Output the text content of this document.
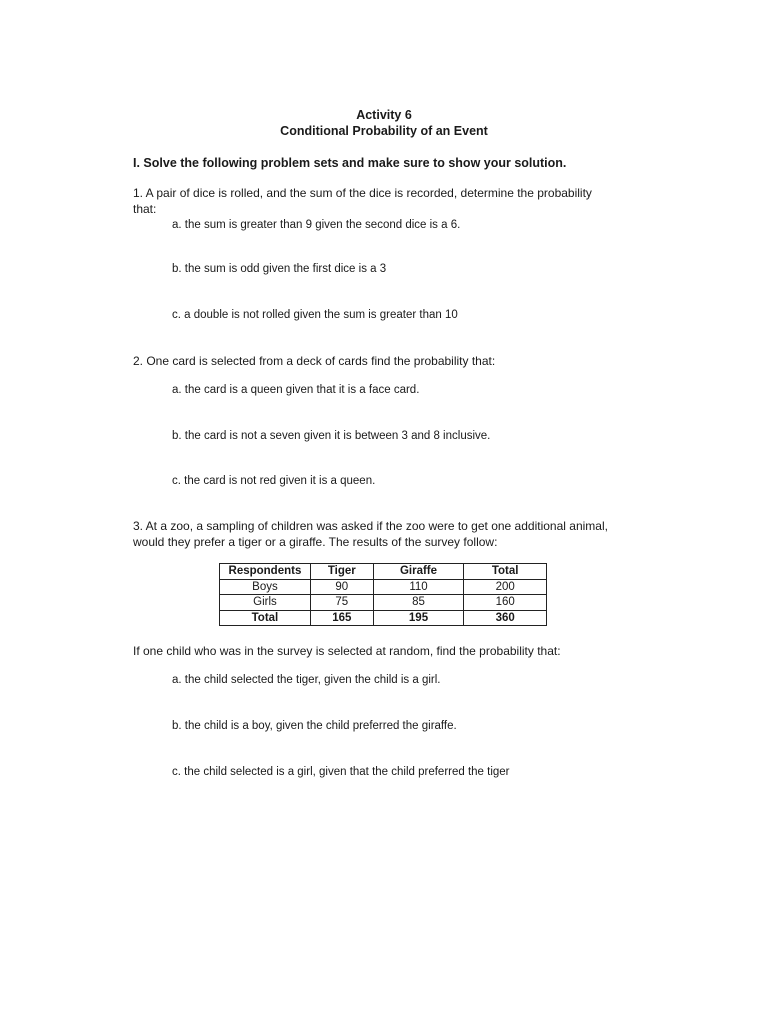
Activity 6
Conditional Probability of an Event
I. Solve the following problem sets and make sure to show your solution.
1. A pair of dice is rolled, and the sum of the dice is recorded, determine the probability
that:
a. the sum is greater than 9 given the second dice is a 6.
b. the sum is odd given the first dice is a 3
c. a double is not rolled given the sum is greater than 10
2. One card is selected from a deck of cards find the probability that:
a. the card is a queen given that it is a face card.
b. the card is not a seven given it is between 3 and 8 inclusive.
c. the card is not red given it is a queen.
3. At a zoo, a sampling of children was asked if the zoo were to get one additional animal,
would they prefer a tiger or a giraffe. The results of the survey follow:
Respondents	Tiger	Giraffe	Total
Boys	90	110	200
Girls	75	85	160
Total	165	195	360
If one child who was in the survey is selected at random, find the probability that:
a. the child selected the tiger, given the child is a girl.
b. the child is a boy, given the child preferred the giraffe.
c. the child selected is a girl, given that the child preferred the tiger
